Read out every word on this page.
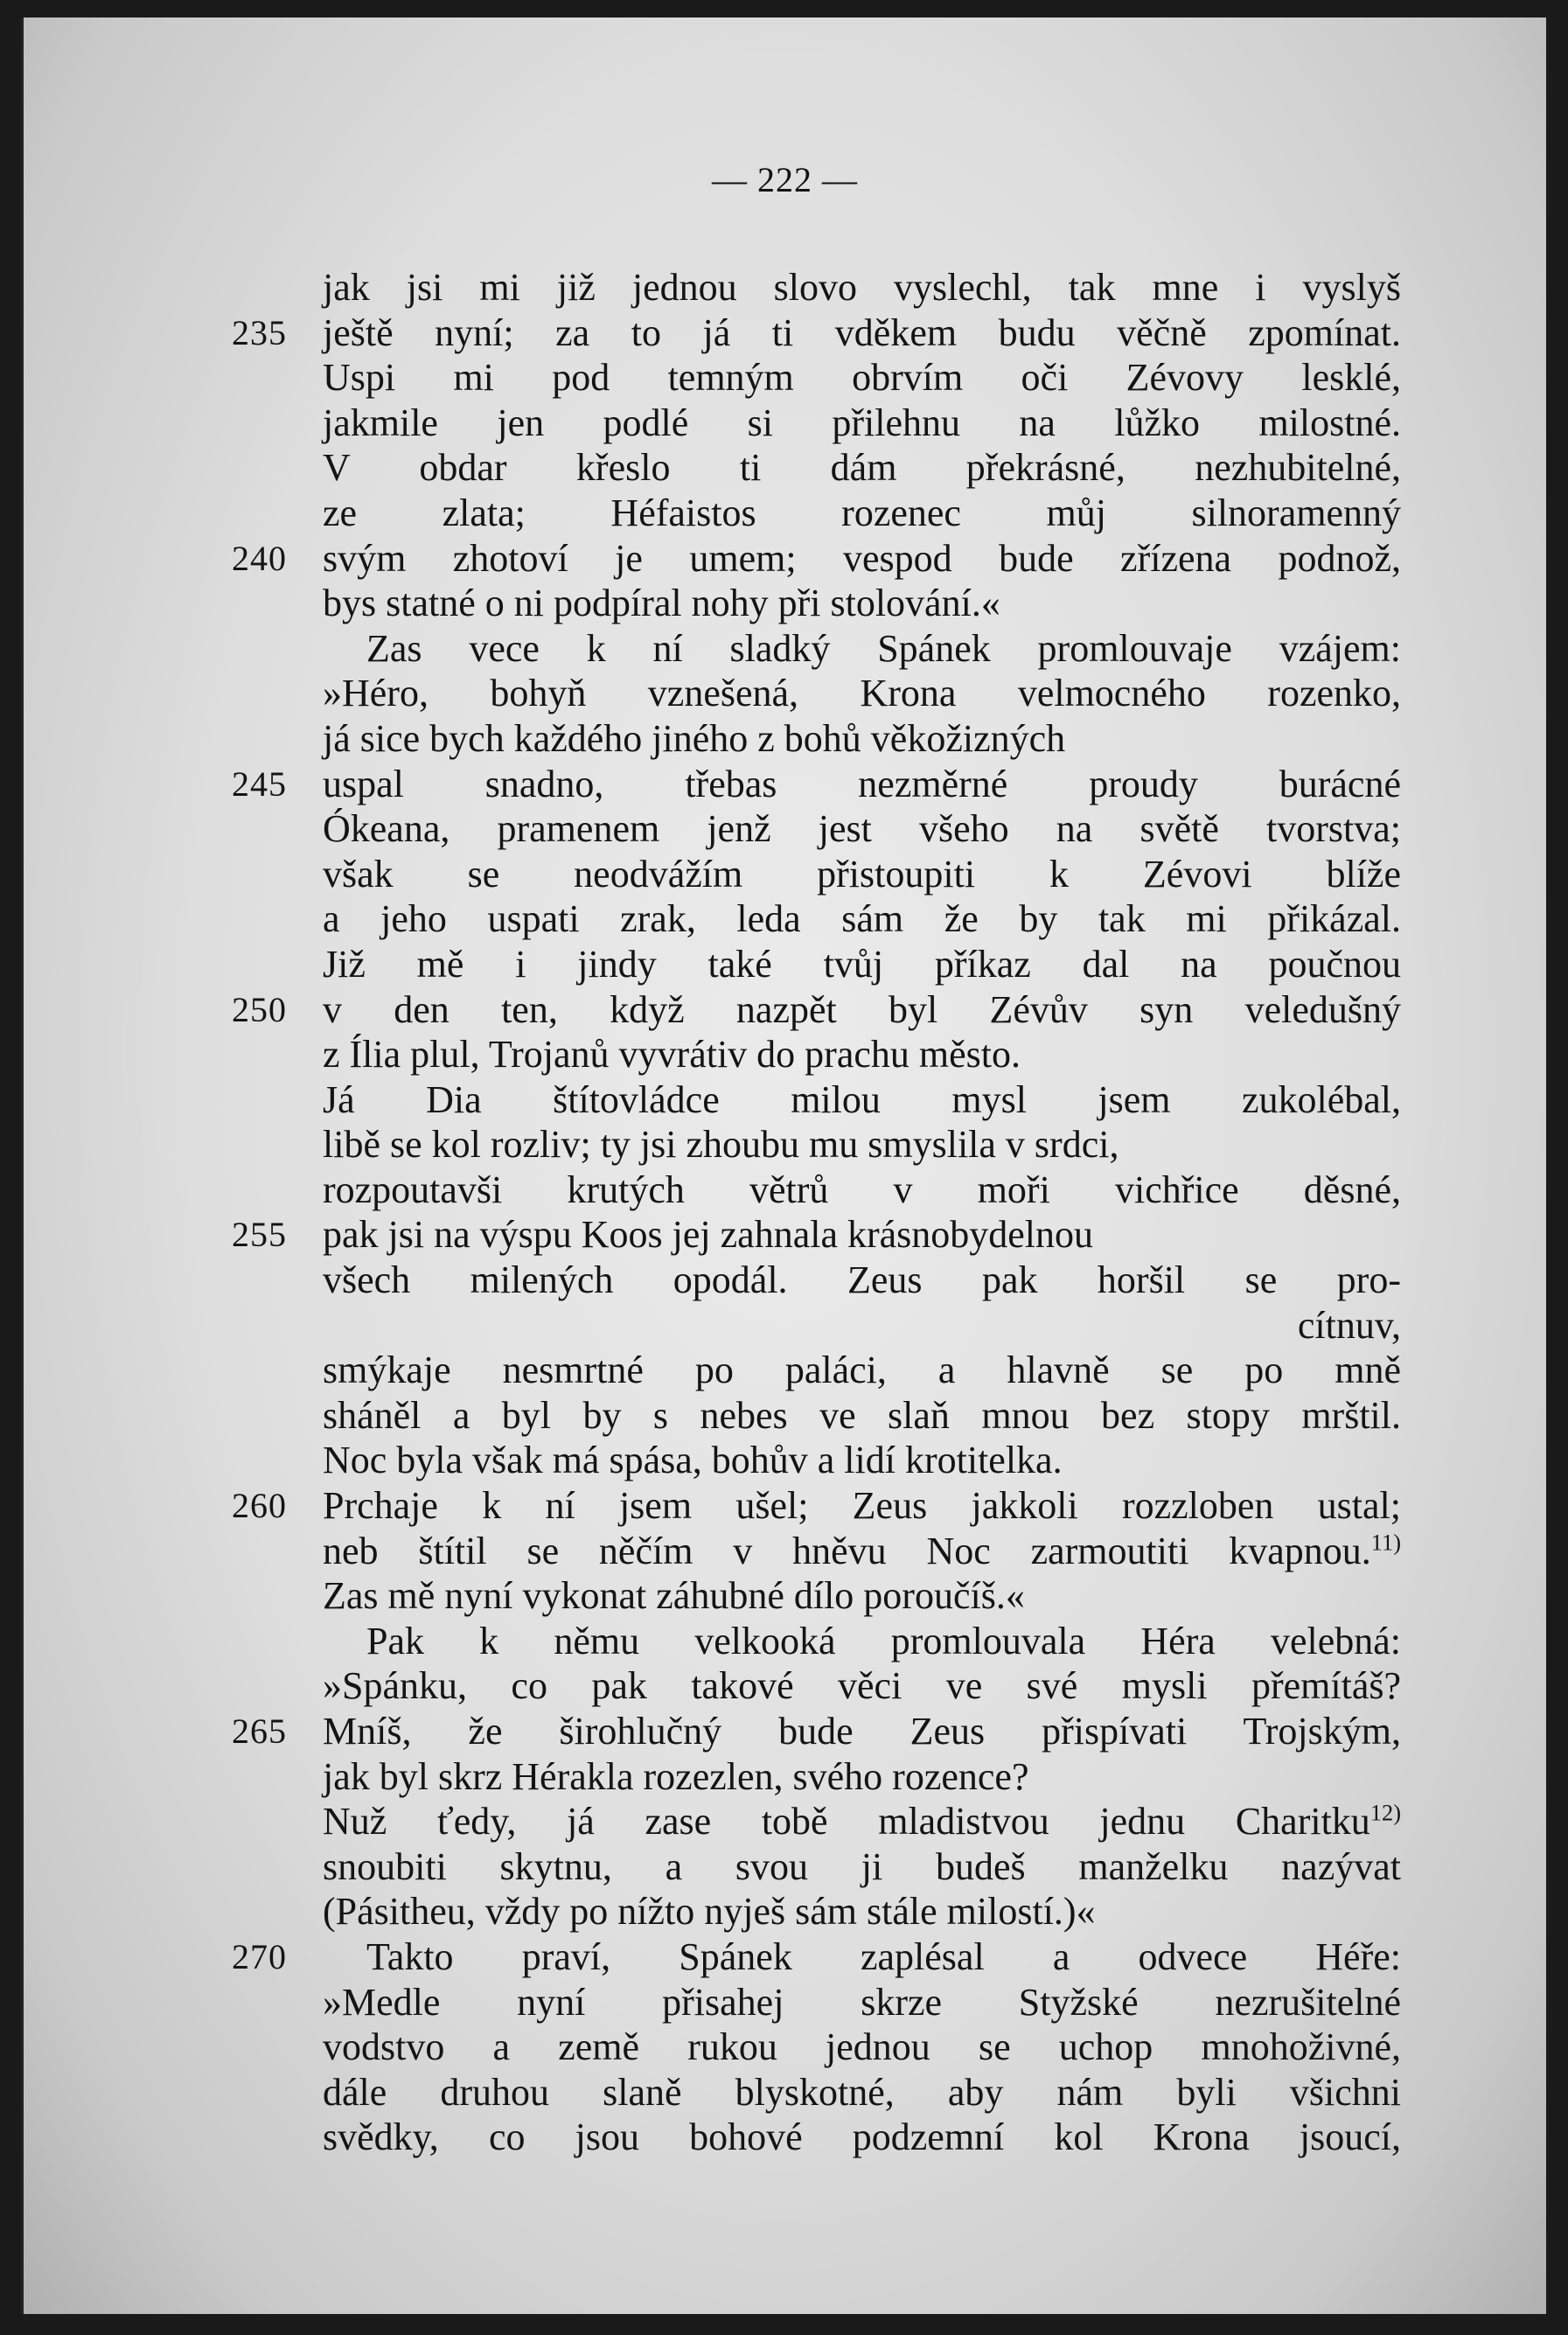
— 222 —
jak jsi mi již jednou slovo vyslechl, tak mne i vyslyš
235 ještě nyní; za to já ti vděkem budu věčně zpomínat.
Uspi mi pod temným obrvím oči Zévovy lesklé,
jakmile jen podlé si přilehnu na lůžko milostné.
V obdar křeslo ti dám překrásné, nezhubitelné,
ze zlata; Héfaistos rozenec můj silnoramenný
240 svým zhotoví je umem; vespod bude zřízena podnož,
bys statné o ni podpíral nohy při stolování.«
Zas vece k ní sladký Spánek promlouvaje vzájem:
»Héro, bohyň vznešená, Krona velmocného rozenko,
já sice bych každého jiného z bohů věkožizných
245 uspal snadno, třebas nezměrné proudy burácné
Ókeana, pramenem jenž jest všeho na světě tvorstva;
však se neodvážím přistoupiti k Zévovi blíže
a jeho uspati zrak, leda sám že by tak mi přikázal.
Již mě i jindy také tvůj příkaz dal na poučnou
250 v den ten, když nazpět byl Zévův syn veledušný
z Ília plul, Trojanů vyvrátiv do prachu město.
Já Dia štítovládce milou mysl jsem zukolébal,
libě se kol rozliv; ty jsi zhoubu mu smyslila v srdci,
rozpoutavši krutých větrů v moři vichřice děsné,
255 pak jsi na výspu Koos jej zahnala krásnobydelnou
všech milených opodál. Zeus pak horšil se pro-
cítnuv,
smýkaje nesmrtné po paláci, a hlavně se po mně
sháněl a byl by s nebes ve slaň mnou bez stopy mrštil.
Noc byla však má spása, bohův a lidí krotitelka.
260 Prchaje k ní jsem ušel; Zeus jakkoli rozzloben ustal;
neb štítil se něčím v hněvu Noc zarmoutiti kvapnou.$^{11)}$
Zas mě nyní vykonat záhubné dílo poroučíš.«
Pak k němu velkooká promlouvala Héra velebná:
»Spánku, co pak takové věci ve své mysli přemítáš?
265 Mníš, že širohlučný bude Zeus přispívati Trojským,
jak byl skrz Hérakla rozezlen, svého rozence?
Nuž ťedy, já zase tobě mladistvou jednu Charitku$^{12)}$
snoubiti skytnu, a svou ji budeš manželku nazývat
(Pásitheu, vždy po nížto nyješ sám stále milostí.)«
270	Takto praví, Spánek zaplésal a odvece Héře:
»Medle nyní přisahej skrze Styžské nezrušitelné
vodstvo a země rukou jednou se uchop mnohoživné,
dále druhou slaně blyskotné, aby nám byli všichni
svědky, co jsou bohové podzemní kol Krona jsoucí,
